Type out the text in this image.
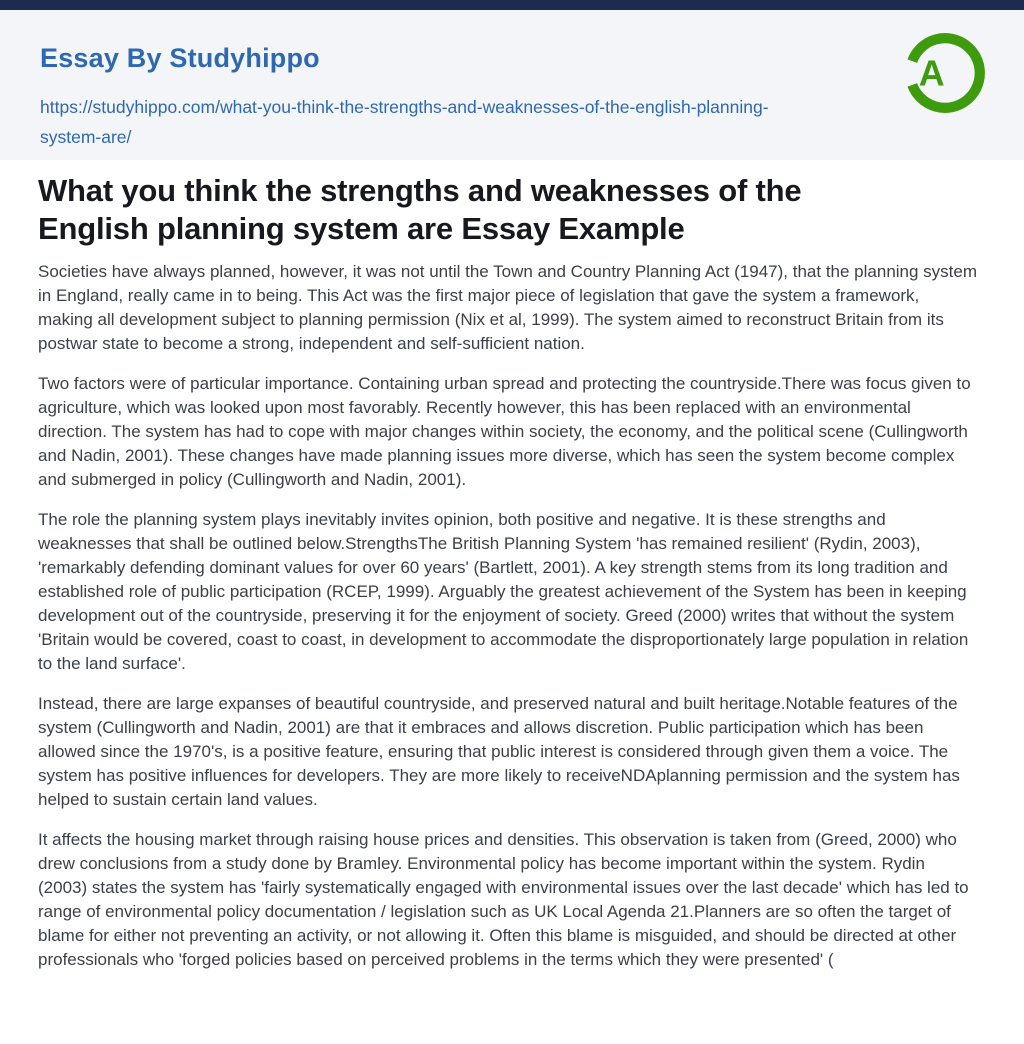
Essay By Studyhippo
https://studyhippo.com/what-you-think-the-strengths-and-weaknesses-of-the-english-planning-system-are/
A
What you think the strengths and weaknesses of the English planning system are Essay Example

Societies have always planned, however, it was not until the Town and Country Planning Act (1947), that the planning system in England, really came in to being. This Act was the first major piece of legislation that gave the system a framework, making all development subject to planning permission (Nix et al, 1999). The system aimed to reconstruct Britain from its postwar state to become a strong, independent and self-sufficient nation.

Two factors were of particular importance. Containing urban spread and protecting the countryside.There was focus given to agriculture, which was looked upon most favorably. Recently however, this has been replaced with an environmental direction. The system has had to cope with major changes within society, the economy, and the political scene (Cullingworth and Nadin, 2001). These changes have made planning issues more diverse, which has seen the system become complex and submerged in policy (Cullingworth and Nadin, 2001).

The role the planning system plays inevitably invites opinion, both positive and negative. It is these strengths and weaknesses that shall be outlined below.StrengthsThe British Planning System 'has remained resilient' (Rydin, 2003), 'remarkably defending dominant values for over 60 years' (Bartlett, 2001). A key strength stems from its long tradition and established role of public participation (RCEP, 1999). Arguably the greatest achievement of the System has been in keeping development out of the countryside, preserving it for the enjoyment of society. Greed (2000) writes that without the system 'Britain would be covered, coast to coast, in development to accommodate the disproportionately large population in relation to the land surface'.

Instead, there are large expanses of beautiful countryside, and preserved natural and built heritage.Notable features of the system (Cullingworth and Nadin, 2001) are that it embraces and allows discretion. Public participation which has been allowed since the 1970's, is a positive feature, ensuring that public interest is considered through given them a voice. The system has positive influences for developers. They are more likely to receiveNDAplanning permission and the system has helped to sustain certain land values.

It affects the housing market through raising house prices and densities. This observation is taken from (Greed, 2000) who drew conclusions from a study done by Bramley. Environmental policy has become important within the system. Rydin (2003) states the system has 'fairly systematically engaged with environmental issues over the last decade' which has led to range of environmental policy documentation / legislation such as UK Local Agenda 21.Planners are so often the target of blame for either not preventing an activity, or not allowing it. Often this blame is misguided, and should be directed at other professionals who 'forged policies based on perceived problems in the terms which they were presented' (
